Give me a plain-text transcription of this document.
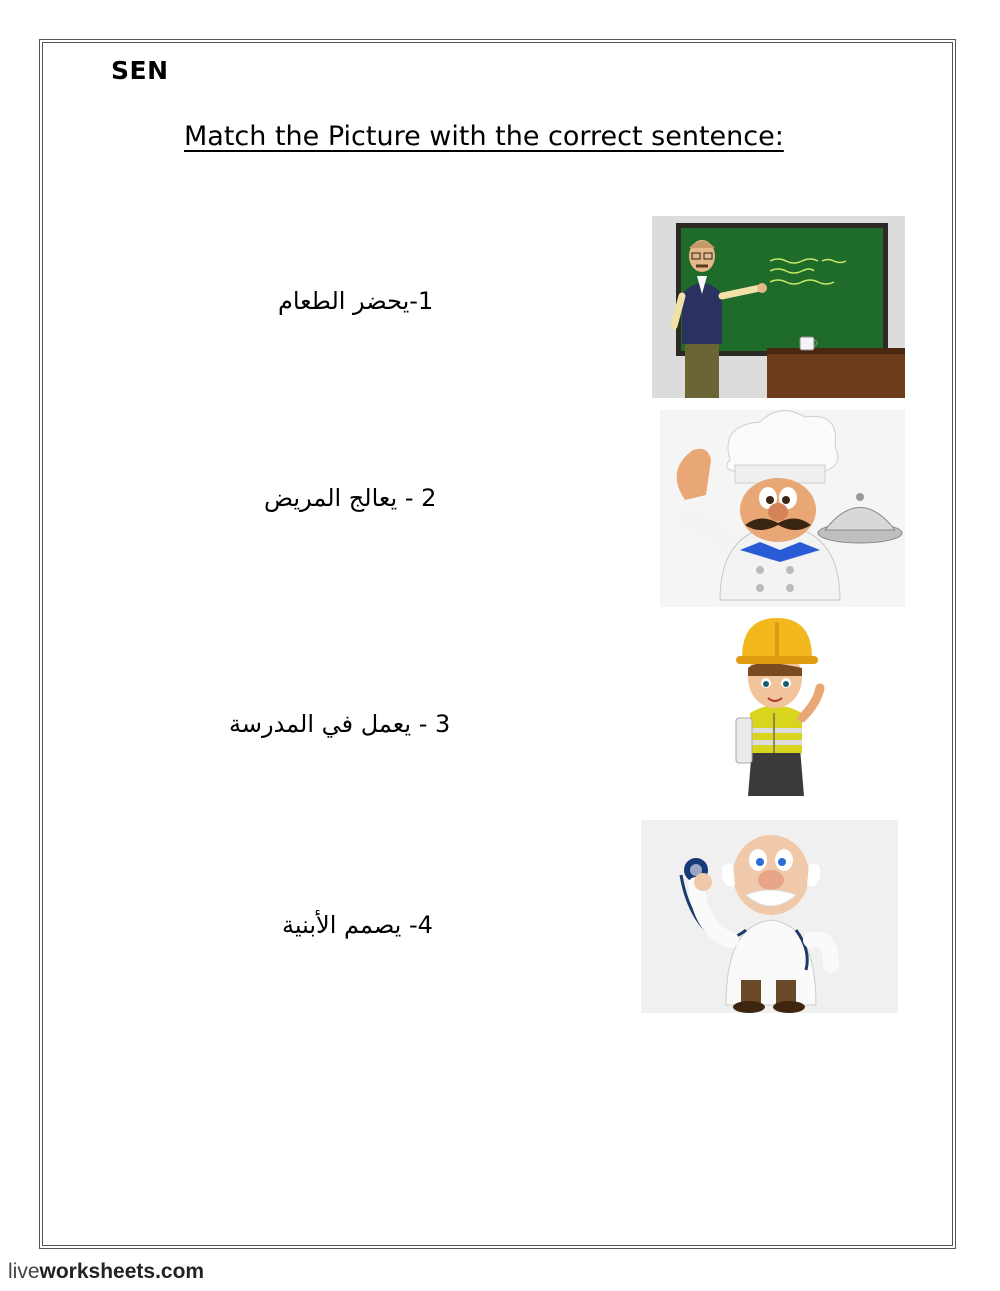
SEN
Match the Picture with the correct sentence:
1-يحضر الطعام
2 - يعالج المريض
3 - يعمل في المدرسة
4- يصمم الأبنية
liveworksheets.com
